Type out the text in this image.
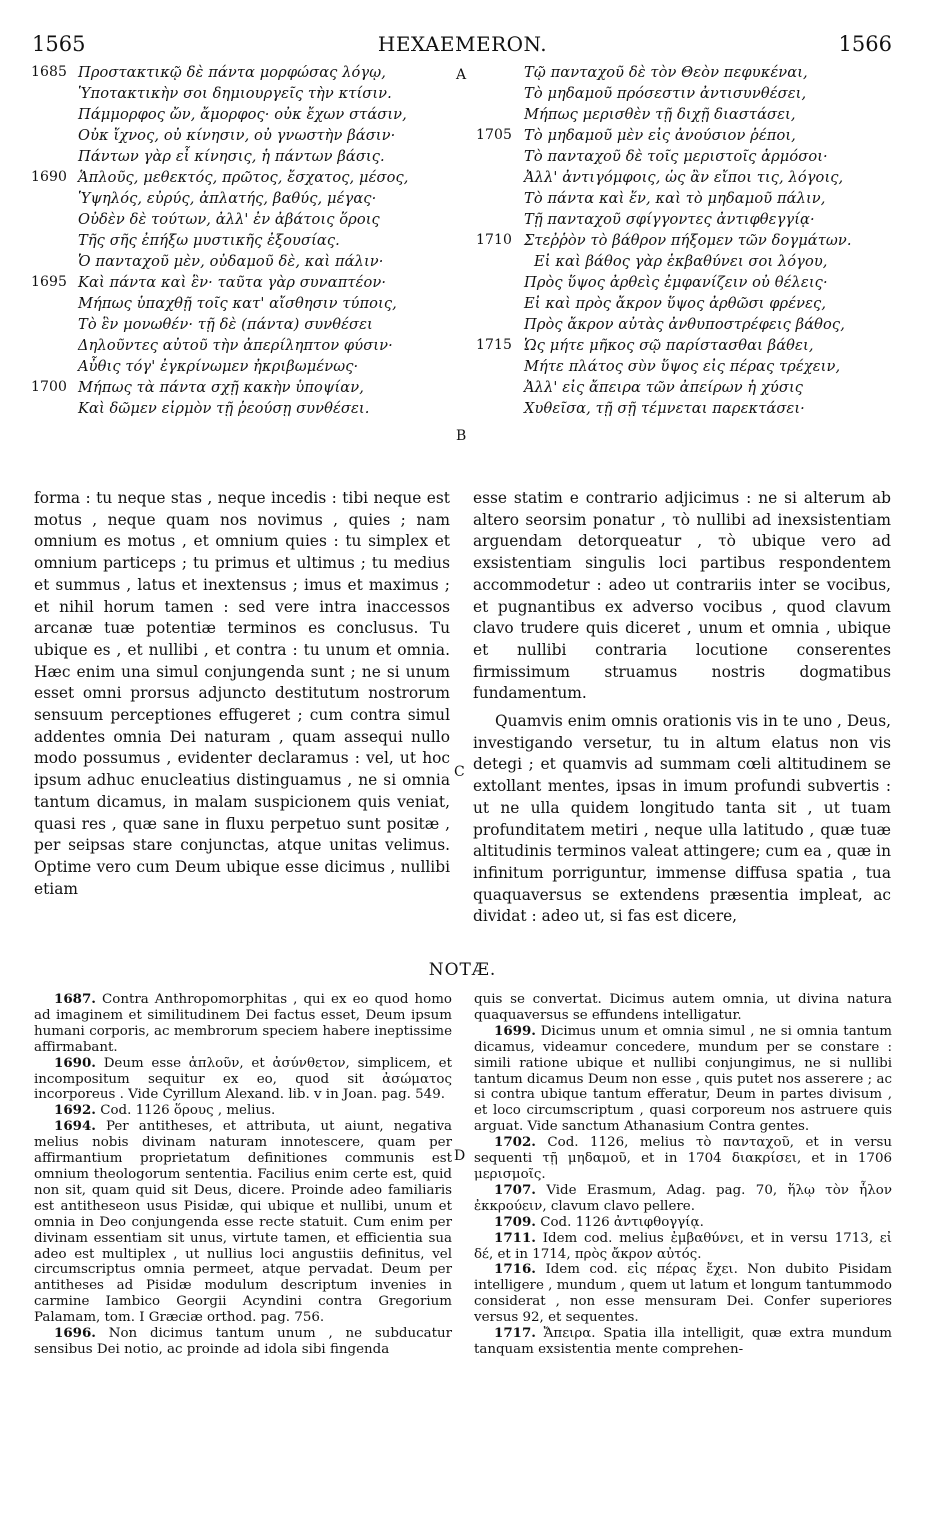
HEXAEMERON.
1565	1566
1685 Προστακτικῷ δὲ πάντα μορφώσας λόγῳ,
Ὑποτακτικὴν σοι δημιουργεῖς τὴν κτίσιν.
Πάμμορφος ὤν, ἄμορφος· οὐκ ἔχων στάσιν,
Οὐκ ἴχνος, οὐ κίνησιν, οὐ γνωστὴν βάσιν·
Πάντων γὰρ εἶ κίνησις, ἡ πάντων βάσις.
1690 Ἁπλοῦς, μεθεκτός, πρῶτος, ἔσχατος, μέσος,
Ὑψηλός, εὐρύς, ἀπλατής, βαθύς, μέγας·
Οὐδὲν δὲ τούτων, ἀλλ' ἐν ἀβάτοις ὅροις
Τῆς σῆς ἐπήξω μυστικῆς ἐξουσίας.
Ὁ πανταχοῦ μὲν, οὐδαμοῦ δὲ, καὶ πάλιν·
1695 Καὶ πάντα καὶ ἓν· ταῦτα γὰρ συναπτέον·
Μήπως ὑπαχθῇ τοῖς κατ' αἴσθησιν τύποις,
Τὸ ἓν μονωθέν· τῇ δὲ (πάντα) συνθέσει
Δηλοῦντες αὐτοῦ τὴν ἀπερίληπτον φύσιν·
Αὖθις τόγ' ἐγκρίνωμεν ἠκριβωμένως·
1700 Μήπως τὰ πάντα σχῇ κακὴν ὑποψίαν,
Καὶ δῶμεν εἱρμὸν τῇ ῥεούσῃ συνθέσει.
Τῷ πανταχοῦ δὲ τὸν Θεὸν πεφυκέναι,
Τὸ μηδαμοῦ πρόσεστιν ἀντισυνθέσει,
Μήπως μερισθὲν τῇ διχῇ διαστάσει,
1705 Τὸ μηδαμοῦ μὲν εἰς ἀνούσιον ῥέποι,
Τὸ πανταχοῦ δὲ τοῖς μεριστοῖς ἁρμόσοι·
Ἀλλ' ἀντιγόμφοις, ὡς ἂν εἴποι τις, λόγοις,
Τὸ πάντα καὶ ἕν, καὶ τὸ μηδαμοῦ πάλιν,
Τῇ πανταχοῦ σφίγγοντες ἀντιφθεγγίᾳ·
1710 Στεῤῥὸν τὸ βάθρον πήξομεν τῶν δογμάτων.
Εἰ καὶ βάθος γὰρ ἐκβαθύνει σοι λόγου,
Πρὸς ὕψος ἀρθεὶς ἐμφανίζειν οὐ θέλεις·
Εἰ καὶ πρὸς ἄκρον ὕψος ἀρθῶσι φρένες,
Πρὸς ἄκρον αὐτὰς ἀνθυποστρέφεις βάθος,
1715 Ὡς μήτε μῆκος σῷ παρίστασθαι βάθει,
Μήτε πλάτος σὺν ὕψος εἰς πέρας τρέχειν,
Ἀλλ' εἰς ἄπειρα τῶν ἀπείρων ἡ χύσις
Χυθεῖσα, τῇ σῇ τέμνεται παρεκτάσει·
A
B
C
D

forma : tu neque stas , neque incedis : tibi neque est motus , neque quam nos novimus , quies ; nam omnium es motus , et omnium quies : tu simplex et omnium particeps ; tu primus et ultimus ; tu medius et summus , latus et inextensus ; imus et maximus ; et nihil horum tamen : sed vere intra inaccessos arcanæ tuæ potentiæ terminos es conclusus. Tu ubique es , et nullibi , et contra : tu unum et omnia. Hæc enim una simul conjungenda sunt ; ne si unum esset omni prorsus adjuncto destitutum nostrorum sensuum perceptiones effugeret ; cum contra simul addentes omnia Dei naturam , quam assequi nullo modo possumus , evidenter declaramus : vel, ut hoc ipsum adhuc enucleatius distinguamus , ne si omnia tantum dicamus, in malam suspicionem quis veniat, quasi res , quæ sane in fluxu perpetuo sunt positæ , per seipsas stare conjunctas, atque unitas velimus. Optime vero cum Deum ubique esse dicimus , nullibi etiam

esse statim e contrario adjicimus : ne si alterum ab altero seorsim ponatur , τὸ nullibi ad inexsistentiam arguendam detorqueatur , τὸ ubique vero ad exsistentiam singulis loci partibus respondentem accommodetur : adeo ut contrariis inter se vocibus, et pugnantibus ex adverso vocibus , quod clavum clavo trudere quis diceret , unum et omnia , ubique et nullibi contraria locutione conserentes firmissimum struamus nostris dogmatibus fundamentum.

Quamvis enim omnis orationis vis in te uno , Deus, investigando versetur, tu in altum elatus non vis detegi ; et quamvis ad summam cœli altitudinem se extollant mentes, ipsas in imum profundi subvertis : ut ne ulla quidem longitudo tanta sit , ut tuam profunditatem metiri , neque ulla latitudo , quæ tuæ altitudinis terminos valeat attingere; cum ea , quæ in infinitum porriguntur, immense diffusa spatia , tua quaquaversus se extendens præsentia impleat, ac dividat : adeo ut, si fas est dicere,

NOTÆ.

1687. Contra Anthropomorphitas , qui ex eo quod homo ad imaginem et similitudinem Dei factus esset, Deum ipsum humani corporis, ac membrorum speciem habere ineptissime affirmabant.

1690. Deum esse ἁπλοῦν, et ἀσύνθετον, simplicem, et incompositum sequitur ex eo, quod sit ἀσώματος incorporeus . Vide Cyrillum Alexand. lib. v in Joan. pag. 549.

1692. Cod. 1126 ὅρους , melius.

1694. Per antitheses, et attributa, ut aiunt, negativa melius nobis divinam naturam innotescere, quam per affirmantium proprietatum definitiones communis est omnium theologorum sententia. Facilius enim certe est, quid non sit, quam quid sit Deus, dicere. Proinde adeo familiaris est antitheseon usus Pisidæ, qui ubique et nullibi, unum et omnia in Deo conjungenda esse recte statuit. Cum enim per divinam essentiam sit unus, virtute tamen, et efficientia sua adeo est multiplex , ut nullius loci angustiis definitus, vel circumscriptus omnia permeet, atque pervadat. Deum per antitheses ad Pisidæ modulum descriptum invenies in carmine Iambico Georgii Acyndini contra Gregorium Palamam, tom. I Græciæ orthod. pag. 756.

1696. Non dicimus tantum unum , ne subducatur sensibus Dei notio, ac proinde ad idola sibi fingenda

quis se convertat. Dicimus autem omnia, ut divina natura quaquaversus se effundens intelligatur.

1699. Dicimus unum et omnia simul , ne si omnia tantum dicamus, videamur concedere, mundum per se constare : simili ratione ubique et nullibi conjungimus, ne si nullibi tantum dicamus Deum non esse , quis putet nos asserere ; ac si contra ubique tantum efferatur, Deum in partes divisum , et loco circumscriptum , quasi corporeum nos astruere quis arguat. Vide sanctum Athanasium Contra gentes.

1702. Cod. 1126, melius τὸ πανταχοῦ, et in versu sequenti τῇ μηδαμοῦ, et in 1704 διακρίσει, et in 1706 μερισμοῖς.

1707. Vide Erasmum, Adag. pag. 70, ἥλῳ τὸν ἧλον ἐκκρούειν, clavum clavo pellere.

1709. Cod. 1126 ἀντιφθογγίᾳ.

1711. Idem cod. melius ἐμβαθύνει, et in versu 1713, εἰ δέ, et in 1714, πρὸς ἄκρον αὐτός.

1716. Idem cod. εἰς πέρας ἔχει. Non dubito Pisidam intelligere , mundum , quem ut latum et longum tantummodo considerat , non esse mensuram Dei. Confer superiores versus 92, et sequentes.

1717. Ἄπειρα. Spatia illa intelligit, quæ extra mundum tanquam exsistentia mente comprehen-
